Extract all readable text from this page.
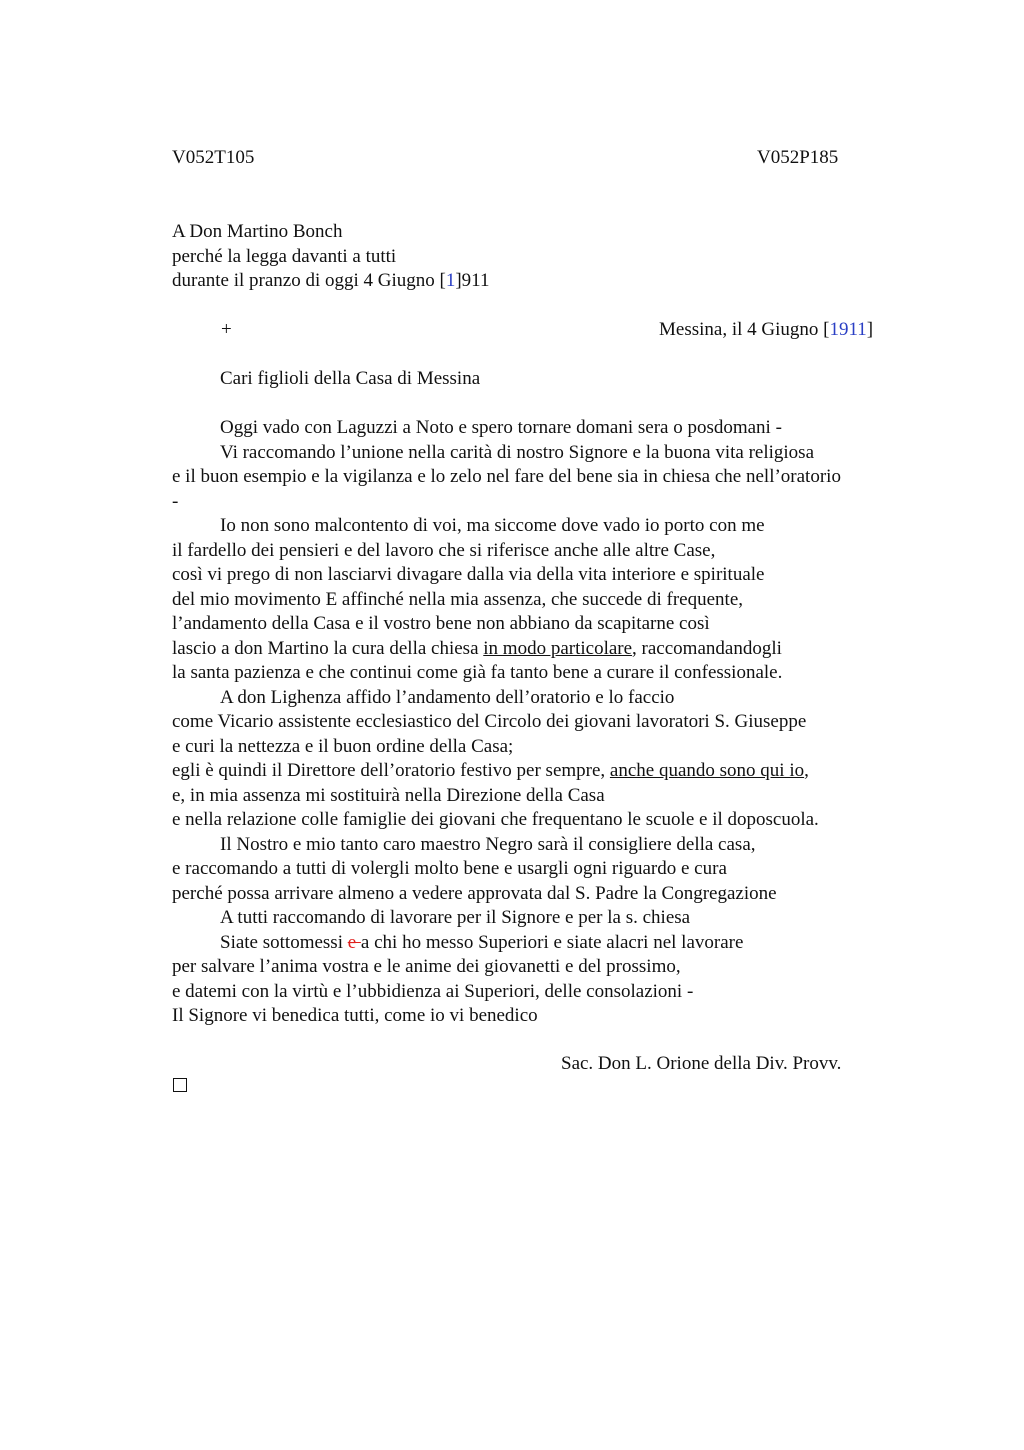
V052T105	V052P185
A Don Martino Bonch
perché la legga davanti a tutti
durante il pranzo di oggi 4 Giugno [1]911
+	Messina, il 4 Giugno [1911]
Cari figlioli della Casa di Messina
Oggi vado con Laguzzi a Noto e spero tornare domani sera o posdomani -
Vi raccomando l’unione nella carità di nostro Signore e la buona vita religiosa
e il buon esempio e la vigilanza e lo zelo nel fare del bene sia in chiesa che nell’oratorio
-
Io non sono malcontento di voi, ma siccome dove vado io porto con me
il fardello dei pensieri e del lavoro che si riferisce anche alle altre Case,
così vi prego di non lasciarvi divagare dalla via della vita interiore e spirituale
del mio movimento E affinché nella mia assenza, che succede di frequente,
l’andamento della Casa e il vostro bene non abbiano da scapitarne così
lascio a don Martino la cura della chiesa in modo particolare, raccomandandogli
la santa pazienza e che continui come già fa tanto bene a curare il confessionale.
A don Lighenza affido l’andamento dell’oratorio e lo faccio
come Vicario assistente ecclesiastico del Circolo dei giovani lavoratori S. Giuseppe
e curi la nettezza e il buon ordine della Casa;
egli è quindi il Direttore dell’oratorio festivo per sempre, anche quando sono qui io,
e, in mia assenza mi sostituirà nella Direzione della Casa
e nella relazione colle famiglie dei giovani che frequentano le scuole e il doposcuola.
Il Nostro e mio tanto caro maestro Negro sarà il consigliere della casa,
e raccomando a tutti di volergli molto bene e usargli ogni riguardo e cura
perché possa arrivare almeno a vedere approvata dal S. Padre la Congregazione
A tutti raccomando di lavorare per il Signore e per la s. chiesa
Siate sottomessi e a chi ho messo Superiori e siate alacri nel lavorare
per salvare l’anima vostra e le anime dei giovanetti e del prossimo,
e datemi con la virtù e l’ubbidienza ai Superiori, delle consolazioni -
Il Signore vi benedica tutti, come io vi benedico
Sac. Don L. Orione della Div. Provv.
